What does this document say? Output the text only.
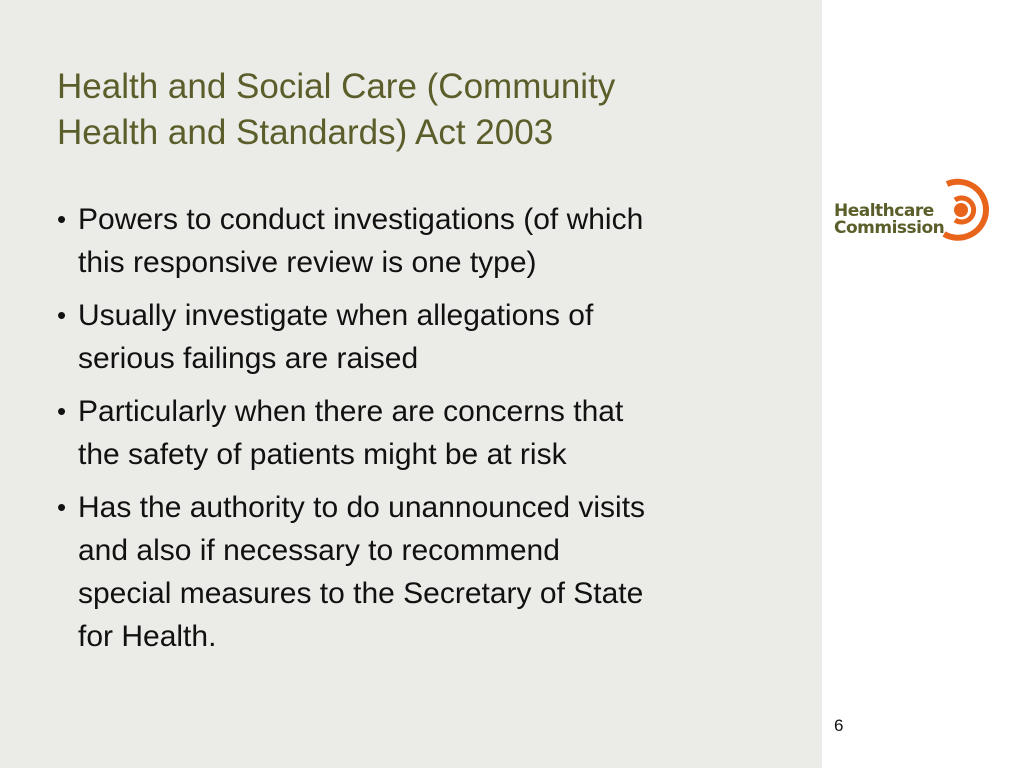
Health and Social Care (Community
Health and Standards) Act 2003
• Powers to conduct investigations (of which
this responsive review is one type)
• Usually investigate when allegations of
serious failings are raised
• Particularly when there are concerns that
the safety of patients might be at risk
• Has the authority to do unannounced visits
and also if necessary to recommend
special measures to the Secretary of State
for Health.
Healthcare
Commission
6
